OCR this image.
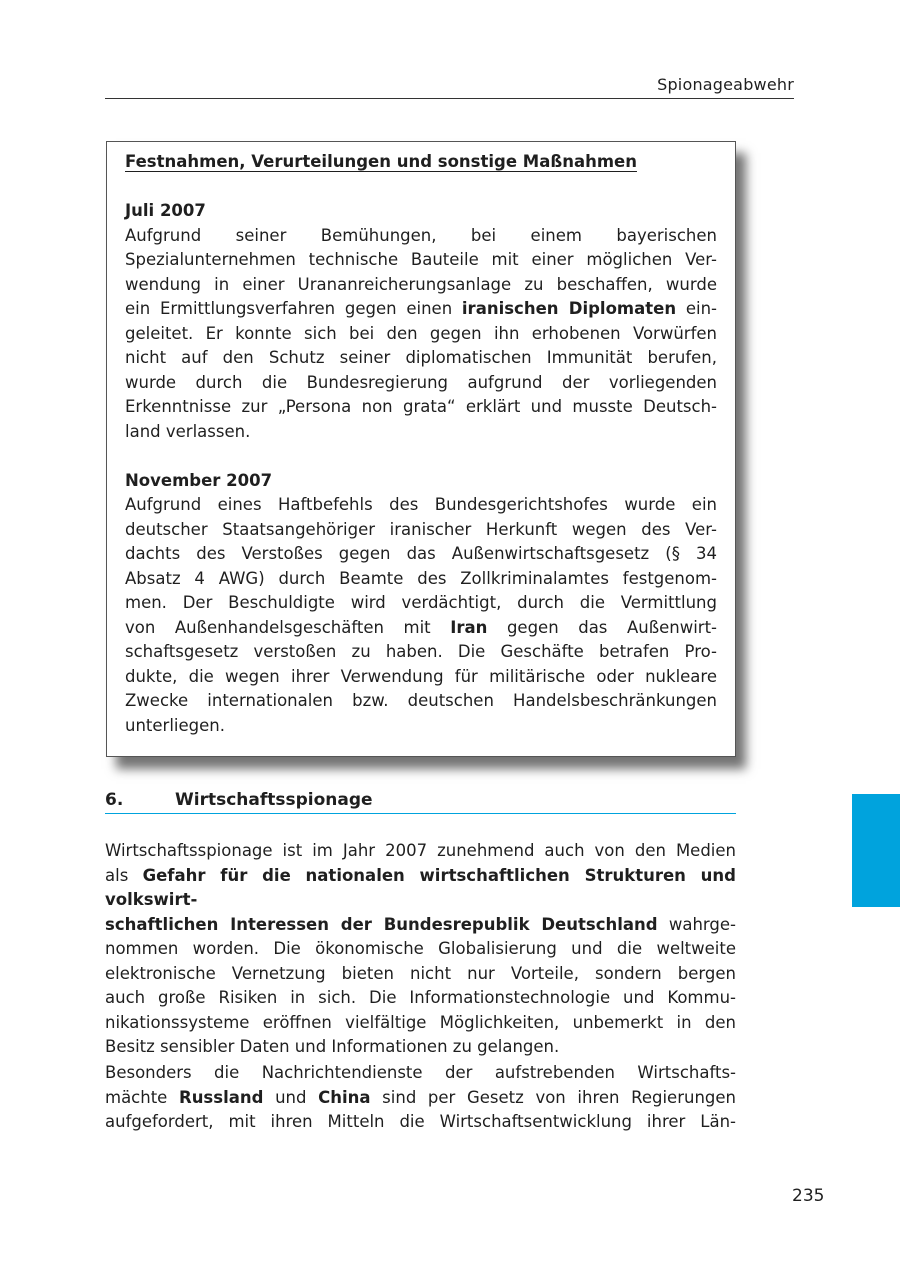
Spionageabwehr

Festnahmen, Verurteilungen und sonstige Maßnahmen

Juli 2007

Aufgrund seiner Bemühungen, bei einem bayerischen
Spezialunternehmen technische Bauteile mit einer möglichen Ver-
wendung in einer Urananreicherungsanlage zu beschaffen, wurde
ein Ermittlungsverfahren gegen einen iranischen Diplomaten ein-
geleitet. Er konnte sich bei den gegen ihn erhobenen Vorwürfen
nicht auf den Schutz seiner diplomatischen Immunität berufen,
wurde durch die Bundesregierung aufgrund der vorliegenden
Erkenntnisse zur „Persona non grata“ erklärt und musste Deutsch-
land verlassen.

November 2007

Aufgrund eines Haftbefehls des Bundesgerichtshofes wurde ein
deutscher Staatsangehöriger iranischer Herkunft wegen des Ver-
dachts des Verstoßes gegen das Außenwirtschaftsgesetz (§ 34
Absatz 4 AWG) durch Beamte des Zollkriminalamtes festgenom-
men. Der Beschuldigte wird verdächtigt, durch die Vermittlung
von Außenhandelsgeschäften mit Iran gegen das Außenwirt-
schaftsgesetz verstoßen zu haben. Die Geschäfte betrafen Pro-
dukte, die wegen ihrer Verwendung für militärische oder nukleare
Zwecke internationalen bzw. deutschen Handelsbeschränkungen
unterliegen.
6.	Wirtschaftsspionage
Wirtschaftsspionage ist im Jahr 2007 zunehmend auch von den Medien
als Gefahr für die nationalen wirtschaftlichen Strukturen und volkswirt-
schaftlichen Interessen der Bundesrepublik Deutschland wahrge-
nommen worden. Die ökonomische Globalisierung und die weltweite
elektronische Vernetzung bieten nicht nur Vorteile, sondern bergen
auch große Risiken in sich. Die Informationstechnologie und Kommu-
nikationssysteme eröffnen vielfältige Möglichkeiten, unbemerkt in den
Besitz sensibler Daten und Informationen zu gelangen.
Besonders die Nachrichtendienste der aufstrebenden Wirtschafts-
mächte Russland und China sind per Gesetz von ihren Regierungen
aufgefordert, mit ihren Mitteln die Wirtschaftsentwicklung ihrer Län-
235
